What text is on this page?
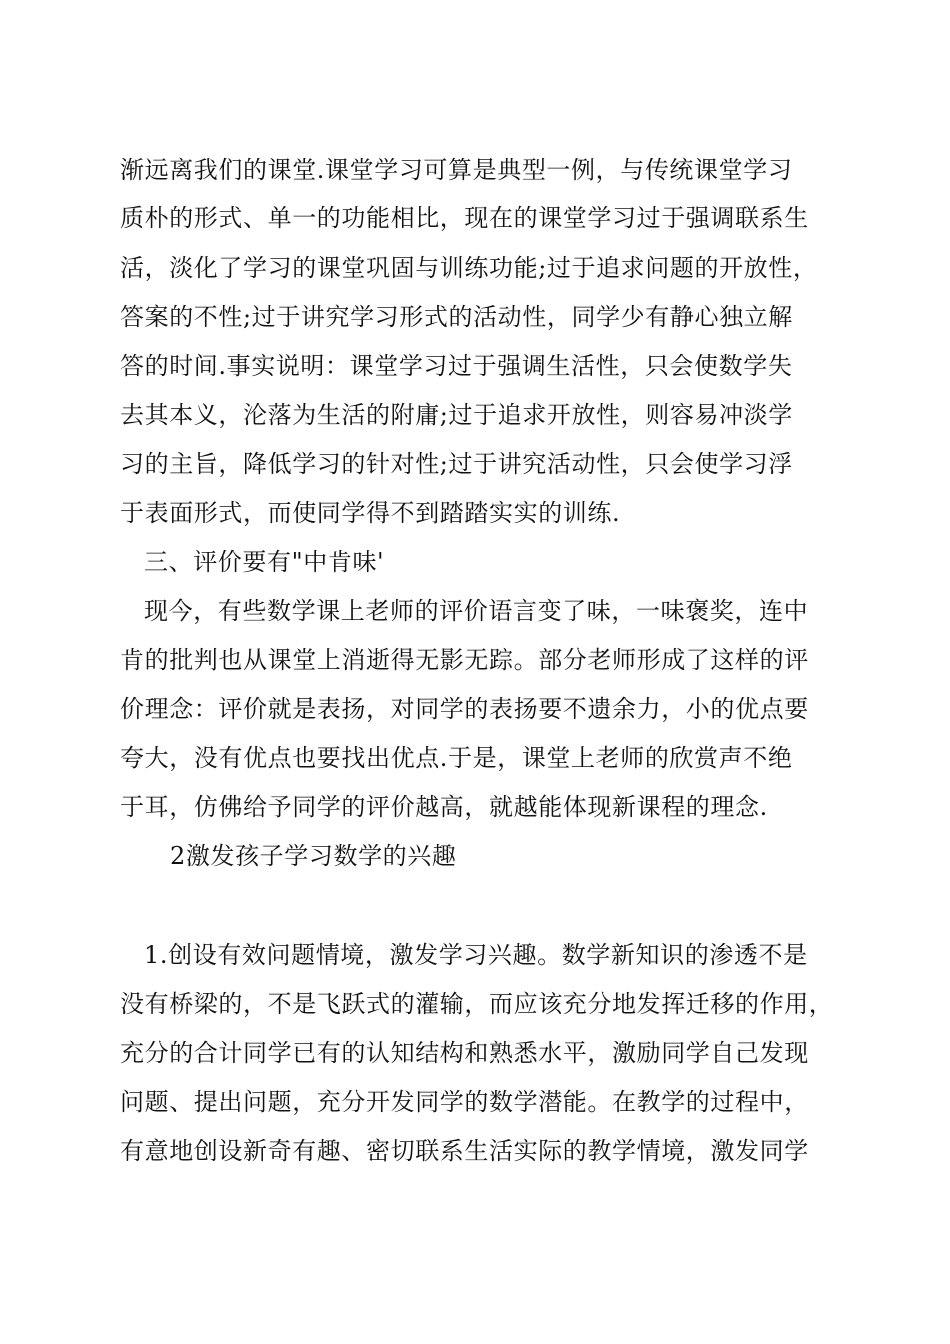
渐远离我们的课堂.课堂学习可算是典型一例，与传统课堂学习
质朴的形式、单一的功能相比，现在的课堂学习过于强调联系生
活，淡化了学习的课堂巩固与训练功能;过于追求问题的开放性，
答案的不性;过于讲究学习形式的活动性，同学少有静心独立解
答的时间.事实说明：课堂学习过于强调生活性，只会使数学失
去其本义，沦落为生活的附庸;过于追求开放性，则容易冲淡学
习的主旨，降低学习的针对性;过于讲究活动性，只会使学习浮
于表面形式，而使同学得不到踏踏实实的训练.
三、评价要有"中肯味'
现今，有些数学课上老师的评价语言变了味，一味褒奖，连中
肯的批判也从课堂上消逝得无影无踪。部分老师形成了这样的评
价理念：评价就是表扬，对同学的表扬要不遗余力，小的优点要
夸大，没有优点也要找出优点.于是，课堂上老师的欣赏声不绝
于耳，仿佛给予同学的评价越高，就越能体现新课程的理念.
2激发孩子学习数学的兴趣
1.创设有效问题情境，激发学习兴趣。数学新知识的渗透不是
没有桥梁的，不是飞跃式的灌输，而应该充分地发挥迁移的作用，
充分的合计同学已有的认知结构和熟悉水平，激励同学自己发现
问题、提出问题，充分开发同学的数学潜能。在教学的过程中，
有意地创设新奇有趣、密切联系生活实际的教学情境，激发同学
